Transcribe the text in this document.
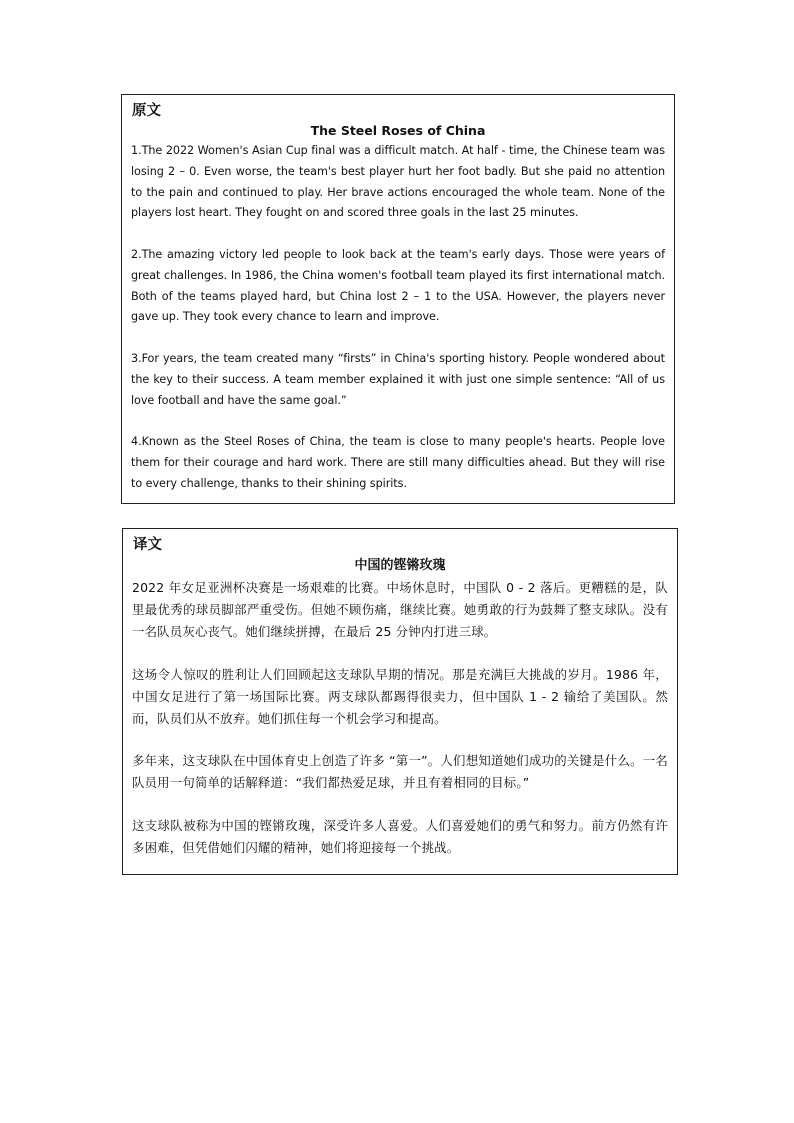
原文
The Steel Roses of China

1.The 2022 Women's Asian Cup final was a difficult match. At half - time, the Chinese team was losing 2 – 0. Even worse, the team's best player hurt her foot badly. But she paid no attention to the pain and continued to play. Her brave actions encouraged the whole team. None of the players lost heart. They fought on and scored three goals in the last 25 minutes.

2.The amazing victory led people to look back at the team's early days. Those were years of great challenges. In 1986, the China women's football team played its first international match. Both of the teams played hard, but China lost 2 – 1 to the USA. However, the players never gave up. They took every chance to learn and improve.

3.For years, the team created many “firsts” in China's sporting history. People wondered about the key to their success. A team member explained it with just one simple sentence: “All of us love football and have the same goal.”

4.Known as the Steel Roses of China, the team is close to many people's hearts. People love them for their courage and hard work. There are still many difficulties ahead. But they will rise to every challenge, thanks to their shining spirits.

译文
中国的铿锵玫瑰

2022 年女足亚洲杯决赛是一场艰难的比赛。中场休息时，中国队 0 - 2 落后。更糟糕的是，队里最优秀的球员脚部严重受伤。但她不顾伤痛，继续比赛。她勇敢的行为鼓舞了整支球队。没有一名队员灰心丧气。她们继续拼搏，在最后 25 分钟内打进三球。

这场令人惊叹的胜利让人们回顾起这支球队早期的情况。那是充满巨大挑战的岁月。1986 年，中国女足进行了第一场国际比赛。两支球队都踢得很卖力，但中国队 1 - 2 输给了美国队。然而，队员们从不放弃。她们抓住每一个机会学习和提高。

多年来，这支球队在中国体育史上创造了许多 “第一”。人们想知道她们成功的关键是什么。一名队员用一句简单的话解释道：“我们都热爱足球，并且有着相同的目标。”

这支球队被称为中国的铿锵玫瑰，深受许多人喜爱。人们喜爱她们的勇气和努力。前方仍然有许多困难，但凭借她们闪耀的精神，她们将迎接每一个挑战。
